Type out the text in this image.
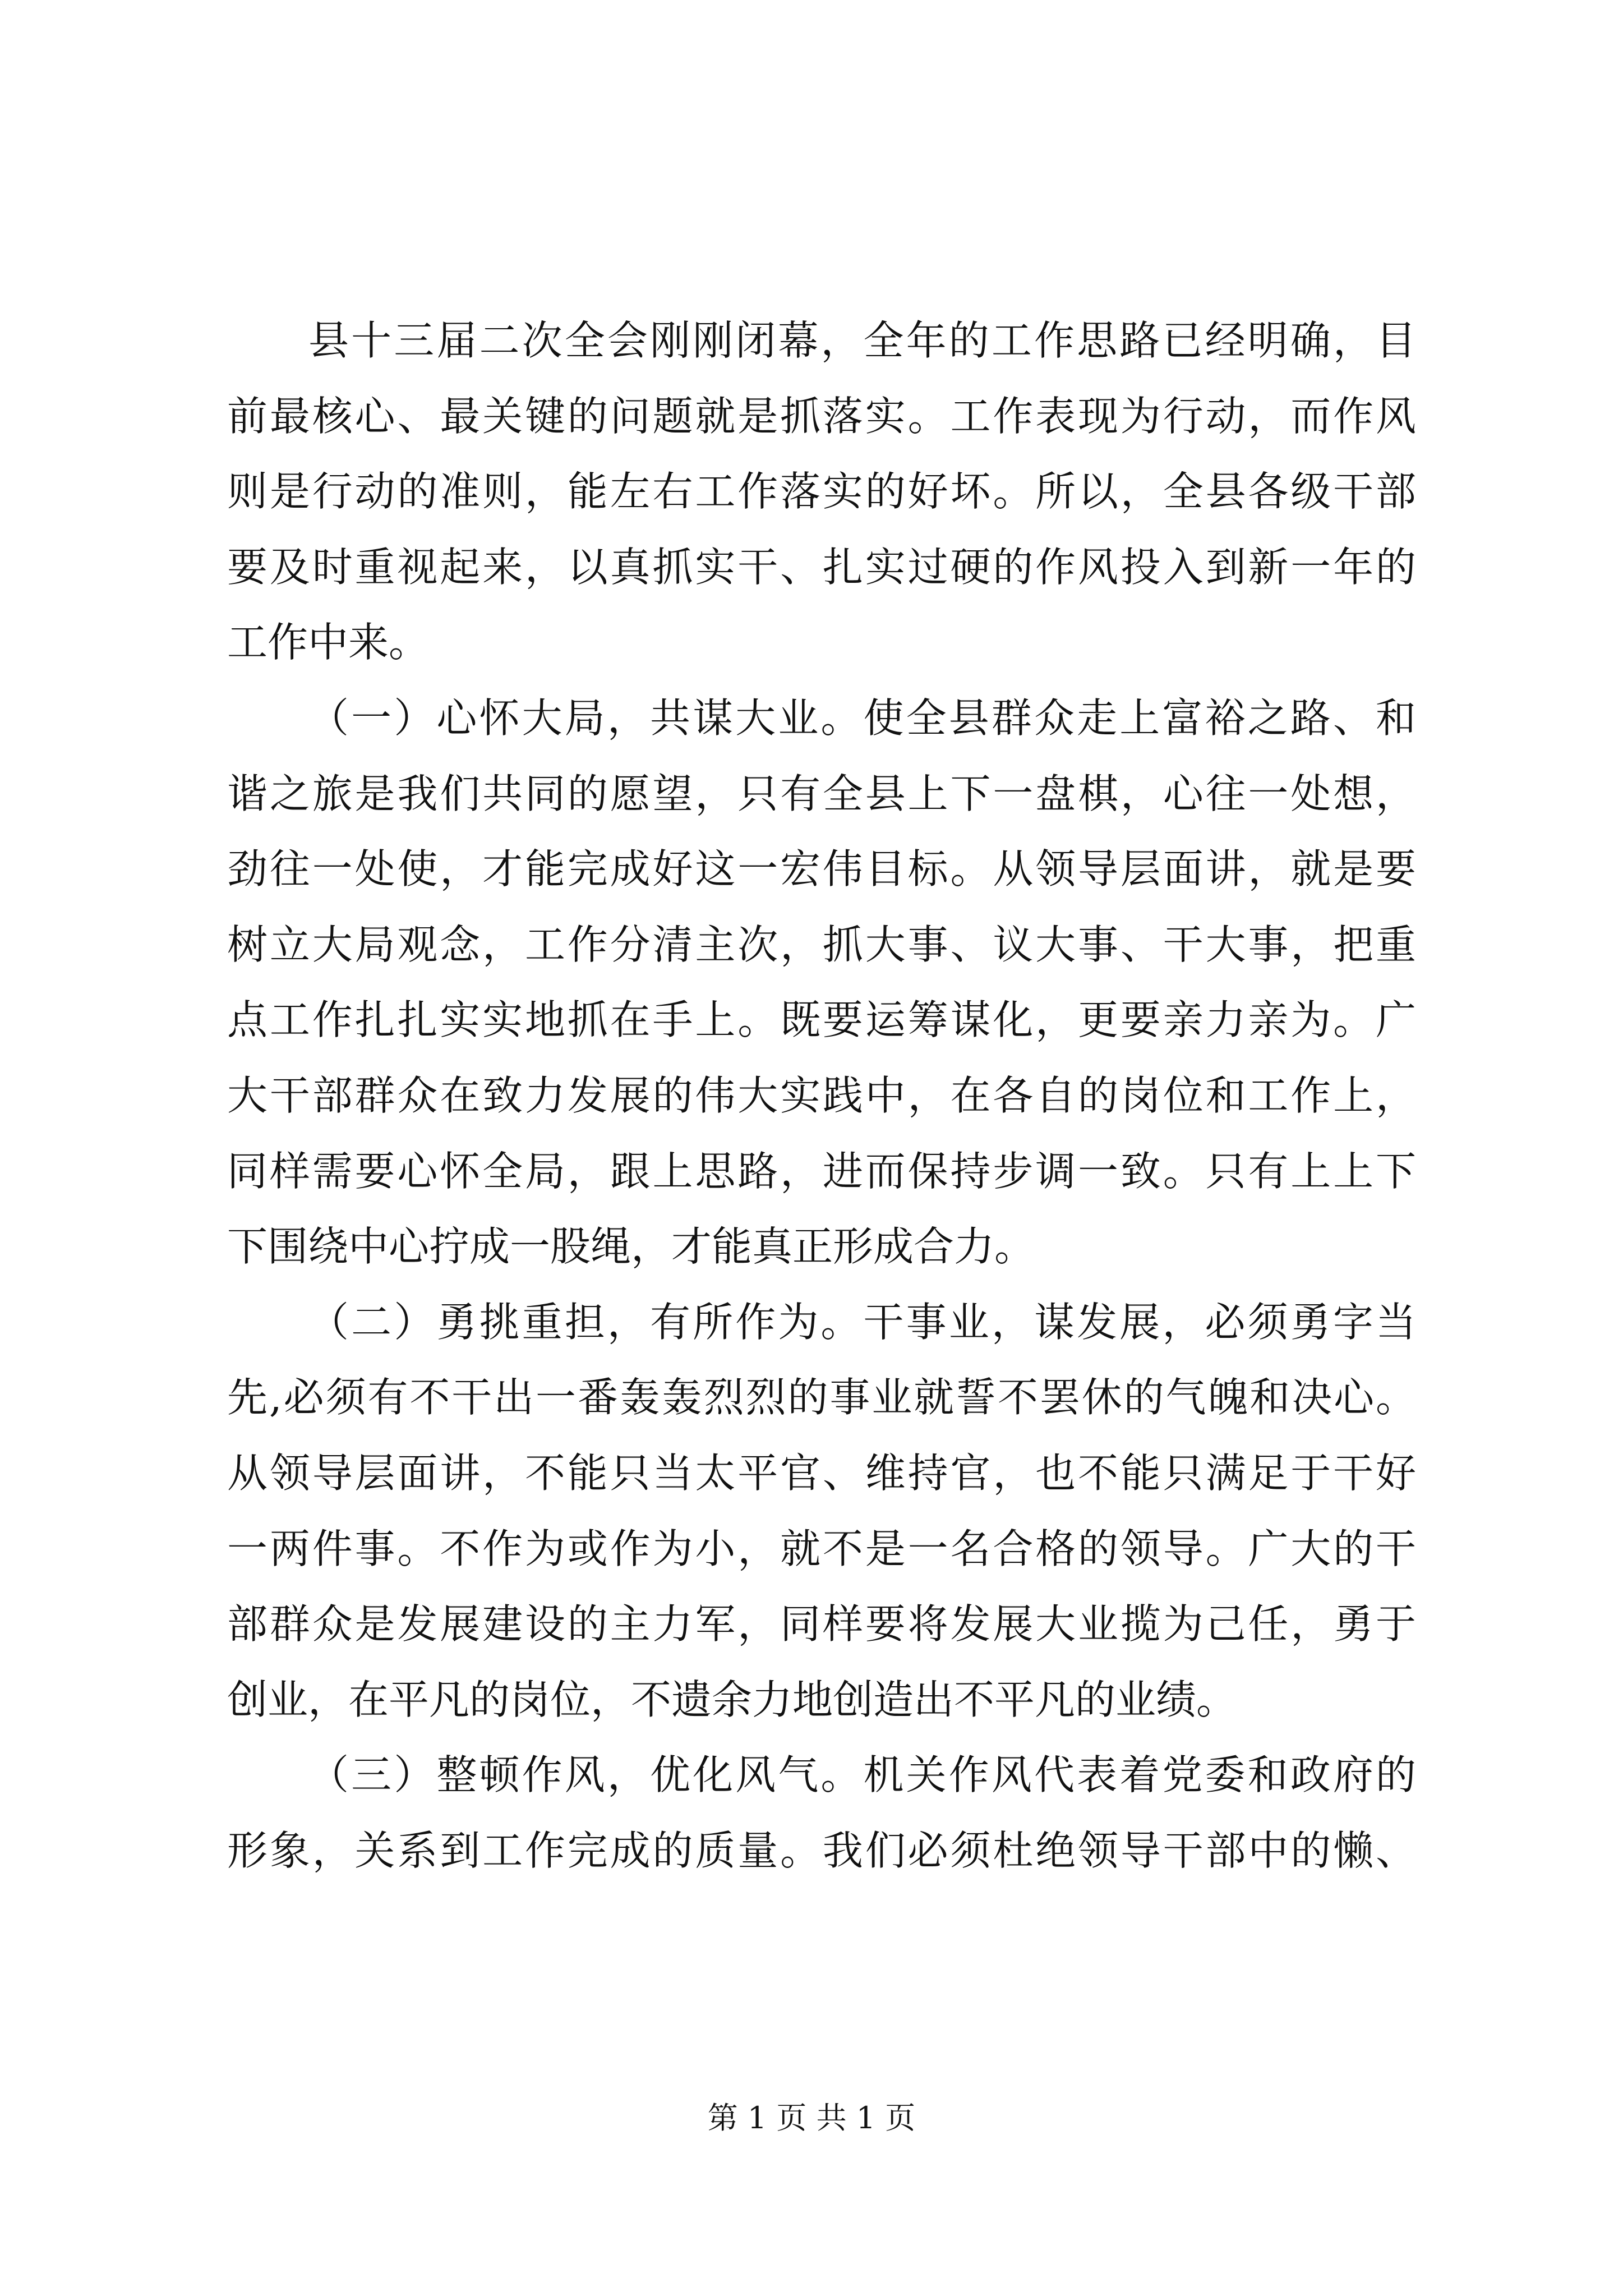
县十三届二次全会刚刚闭幕，全年的工作思路已经明确，目
前最核心、最关键的问题就是抓落实。工作表现为行动，而作风
则是行动的准则，能左右工作落实的好坏。所以，全县各级干部
要及时重视起来，以真抓实干、扎实过硬的作风投入到新一年的
工作中来。
（一）心怀大局，共谋大业。使全县群众走上富裕之路、和
谐之旅是我们共同的愿望，只有全县上下一盘棋，心往一处想，
劲往一处使，才能完成好这一宏伟目标。从领导层面讲，就是要
树立大局观念，工作分清主次，抓大事、议大事、干大事，把重
点工作扎扎实实地抓在手上。既要运筹谋化，更要亲力亲为。广
大干部群众在致力发展的伟大实践中，在各自的岗位和工作上，
同样需要心怀全局，跟上思路，进而保持步调一致。只有上上下
下围绕中心拧成一股绳，才能真正形成合力。
（二）勇挑重担，有所作为。干事业，谋发展，必须勇字当
先,必须有不干出一番轰轰烈烈的事业就誓不罢休的气魄和决心。
从领导层面讲，不能只当太平官、维持官，也不能只满足于干好
一两件事。不作为或作为小，就不是一名合格的领导。广大的干
部群众是发展建设的主力军，同样要将发展大业揽为己任，勇于
创业，在平凡的岗位，不遗余力地创造出不平凡的业绩。
（三）整顿作风，优化风气。机关作风代表着党委和政府的
形象，关系到工作完成的质量。我们必须杜绝领导干部中的懒、
第 1 页 共 1 页
